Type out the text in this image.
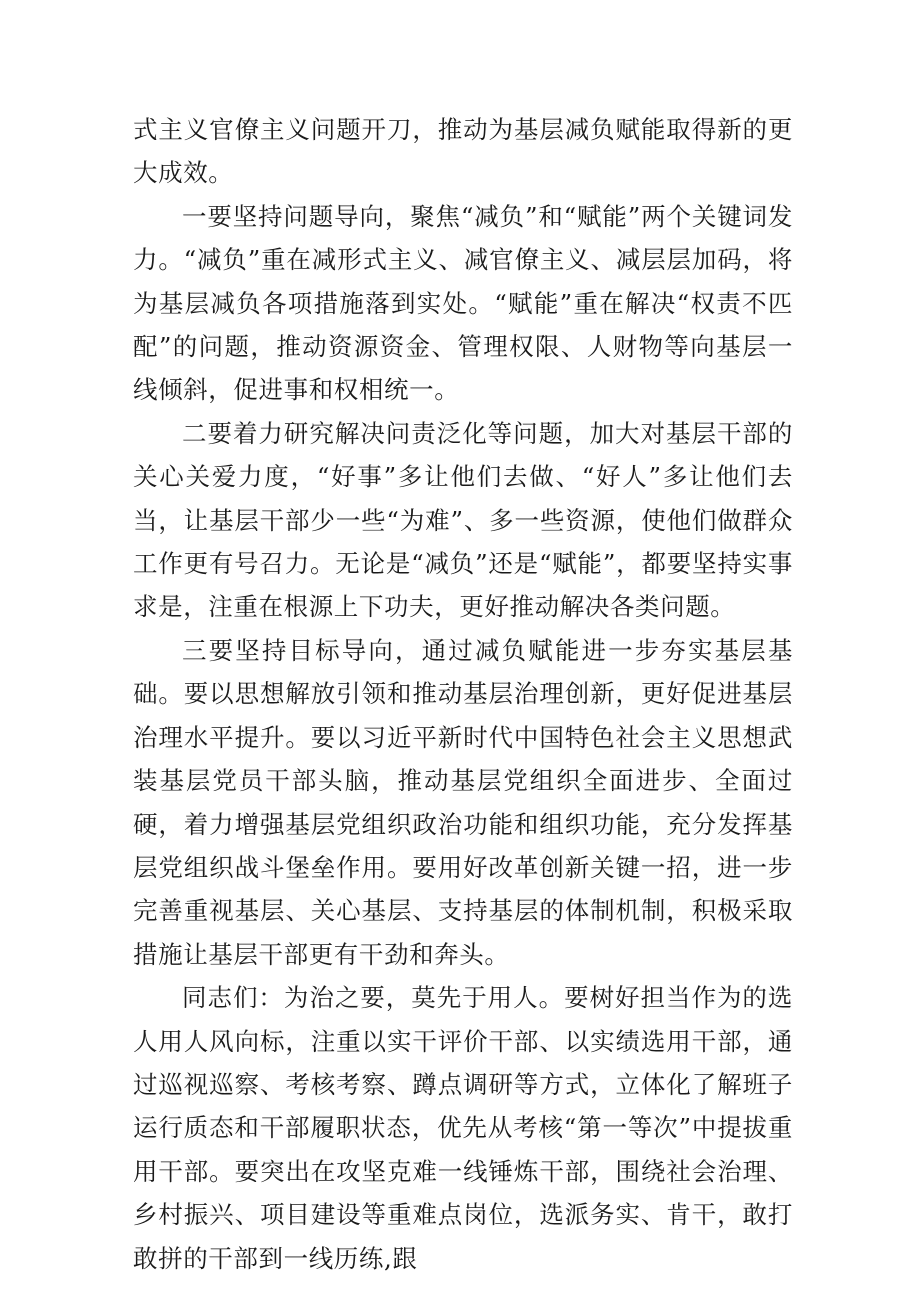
式主义官僚主义问题开刀，推动为基层减负赋能取得新的更大成效。

一要坚持问题导向，聚焦“减负”和“赋能”两个关键词发力。“减负”重在减形式主义、减官僚主义、减层层加码，将为基层减负各项措施落到实处。“赋能”重在解决“权责不匹配”的问题，推动资源资金、管理权限、人财物等向基层一线倾斜，促进事和权相统一。

二要着力研究解决问责泛化等问题，加大对基层干部的关心关爱力度，“好事”多让他们去做、“好人”多让他们去当，让基层干部少一些“为难”、多一些资源，使他们做群众工作更有号召力。无论是“减负”还是“赋能”，都要坚持实事求是，注重在根源上下功夫，更好推动解决各类问题。

三要坚持目标导向，通过减负赋能进一步夯实基层基础。要以思想解放引领和推动基层治理创新，更好促进基层治理水平提升。要以习近平新时代中国特色社会主义思想武装基层党员干部头脑，推动基层党组织全面进步、全面过硬，着力增强基层党组织政治功能和组织功能，充分发挥基层党组织战斗堡垒作用。要用好改革创新关键一招，进一步完善重视基层、关心基层、支持基层的体制机制，积极采取措施让基层干部更有干劲和奔头。

同志们：为治之要，莫先于用人。要树好担当作为的选人用人风向标，注重以实干评价干部、以实绩选用干部，通过巡视巡察、考核考察、蹲点调研等方式，立体化了解班子运行质态和干部履职状态，优先从考核“第一等次”中提拔重用干部。要突出在攻坚克难一线锤炼干部，围绕社会治理、乡村振兴、项目建设等重难点岗位，选派务实、肯干，敢打敢拼的干部到一线历练,跟
